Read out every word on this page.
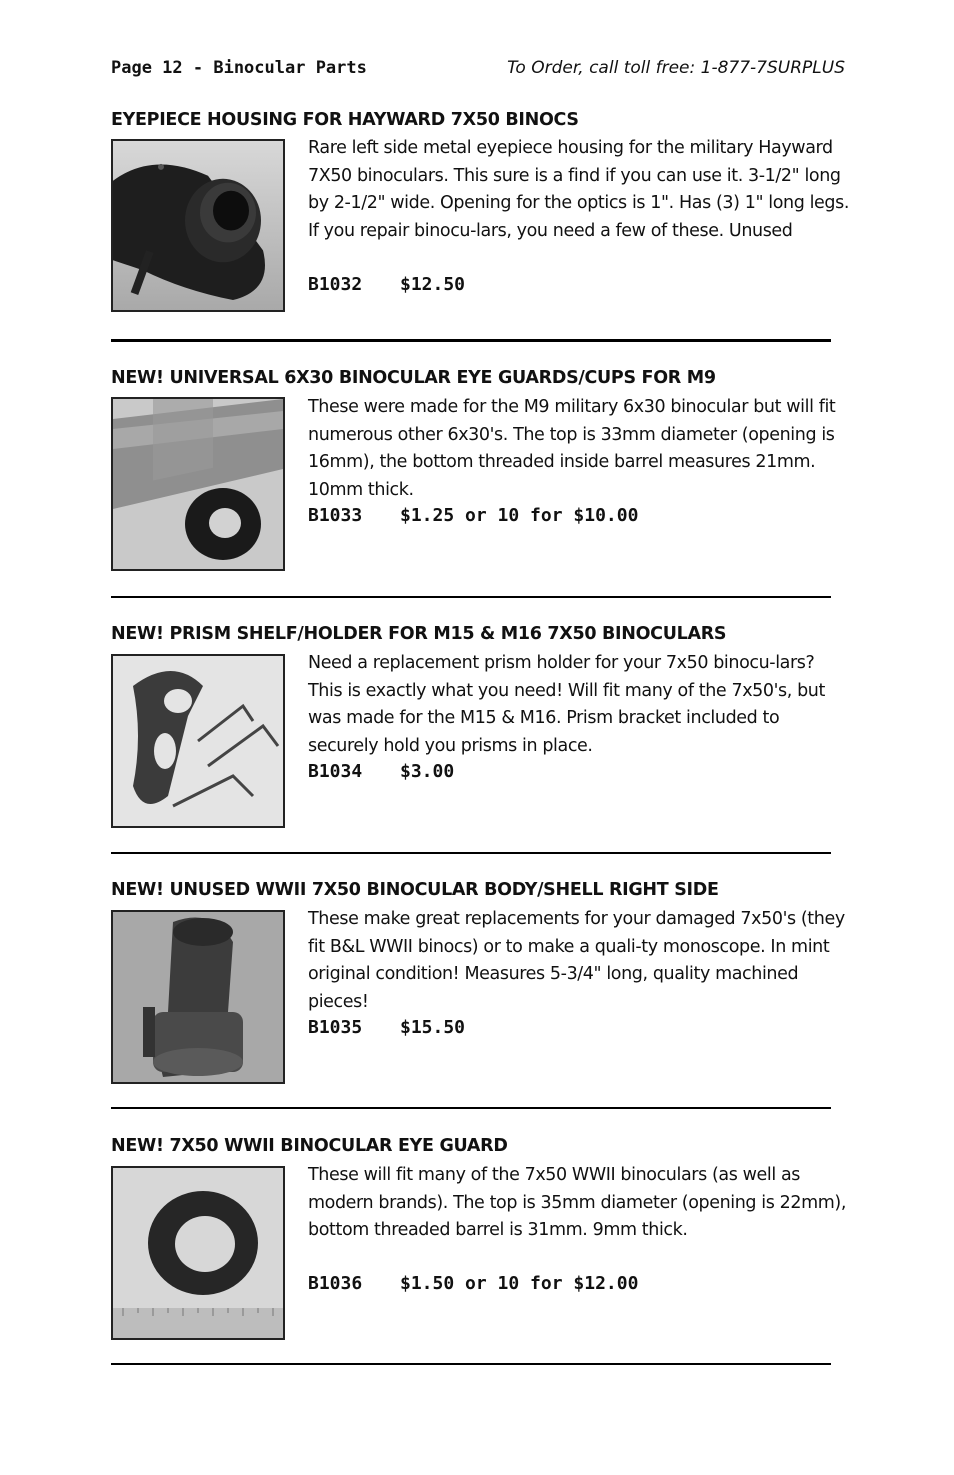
Page 12 - Binocular Parts	To Order, call toll free: 1-877-7SURPLUS
EYEPIECE HOUSING FOR HAYWARD 7X50 BINOCS
Rare left side metal eyepiece housing for the military Hayward 7X50 binoculars. This sure is a find if you can use it. 3-1/2" long by 2-1/2" wide. Opening for the optics is 1". Has (3) 1" long legs. If you repair binocu-lars, you need a few of these. Unused
B1032 $12.50
NEW! UNIVERSAL 6X30 BINOCULAR EYE GUARDS/CUPS FOR M9
These were made for the M9 military 6x30 binocular but will fit numerous other 6x30's. The top is 33mm diameter (opening is 16mm), the bottom threaded inside barrel measures 21mm. 10mm thick.
B1033 $1.25 or 10 for $10.00
NEW! PRISM SHELF/HOLDER FOR M15 & M16 7X50 BINOCULARS
Need a replacement prism holder for your 7x50 binocu-lars? This is exactly what you need! Will fit many of the 7x50's, but was made for the M15 & M16. Prism bracket included to securely hold you prisms in place.
B1034 $3.00
NEW! UNUSED WWII 7X50 BINOCULAR BODY/SHELL RIGHT SIDE
These make great replacements for your damaged 7x50's (they fit B&L WWII binocs) or to make a quali-ty monoscope. In mint original condition! Measures 5-3/4" long, quality machined pieces!
B1035 $15.50
NEW! 7X50 WWII BINOCULAR EYE GUARD
These will fit many of the 7x50 WWII binoculars (as well as modern brands). The top is 35mm diameter (opening is 22mm), bottom threaded barrel is 31mm. 9mm thick.
B1036 $1.50 or 10 for $12.00
